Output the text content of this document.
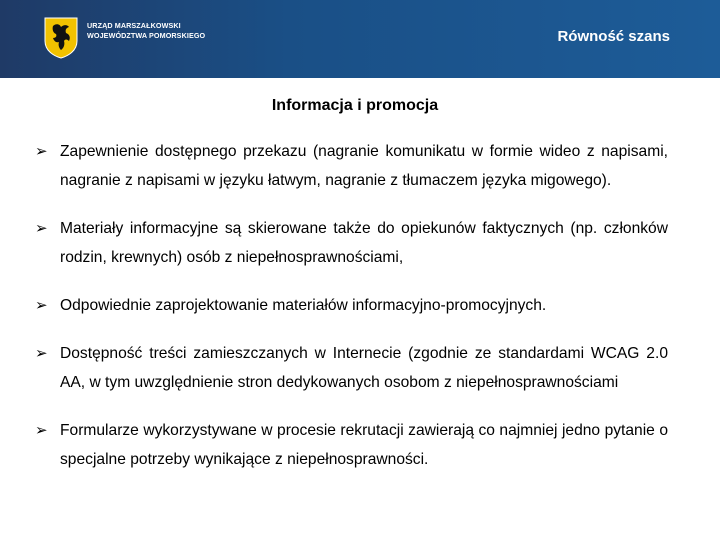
URZĄD MARSZAŁKOWSKI
WOJEWÓDZTWA POMORSKIEGO	Równość szans
Informacja i promocja
➢ Zapewnienie dostępnego przekazu (nagranie komunikatu w formie wideo z napisami, nagranie z napisami w języku łatwym, nagranie z tłumaczem języka migowego).
➢ Materiały informacyjne są skierowane także do opiekunów faktycznych (np. członków rodzin, krewnych) osób z niepełnosprawnościami,
➢ Odpowiednie zaprojektowanie materiałów informacyjno-promocyjnych.
➢ Dostępność treści zamieszczanych w Internecie (zgodnie ze standardami WCAG 2.0 AA, w tym uwzględnienie stron dedykowanych osobom z niepełnosprawnościami
➢ Formularze wykorzystywane w procesie rekrutacji zawierają co najmniej jedno pytanie o specjalne potrzeby wynikające z niepełnosprawności.
